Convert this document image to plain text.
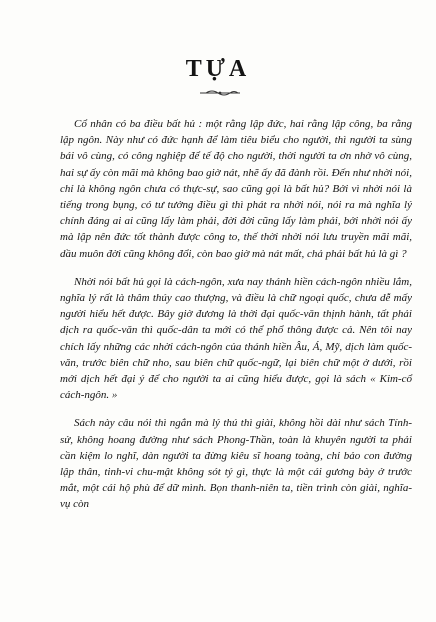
TỰA

Cổ nhân có ba điều bất hủ : một rằng lập đức, hai rằng lập công, ba rằng lập ngôn. Này như có đức hạnh để làm tiêu biểu cho người, thì người ta sùng bái vô cùng, có công nghiệp để tế độ cho người, thời người ta ơn nhờ vô cùng, hai sự ấy còn mãi mà không bao giờ nát, nhẽ ấy đã đành rồi. Đến như nhời nói, chỉ là không ngôn chưa có thực-sự, sao cũng gọi là bất hủ? Bởi vì nhời nói là tiếng trong bụng, có tư tưởng điều gì thì phát ra nhời nói, nói ra mà nghĩa lý chính đáng ai ai cũng lấy làm phải, đời đời cũng lấy làm phải, bởi nhời nói ấy mà lập nên đức tốt thành được công to, thế thời nhời nói lưu truyền mãi mãi, dầu muôn đời cũng không đổi, còn bao giờ mà nát mất, chả phải bất hủ là gì ?

Nhời nói bất hủ gọi là cách-ngôn, xưa nay thánh hiền cách-ngôn nhiều lắm, nghĩa lý rất là thâm thúy cao thượng, và điều là chữ ngoại quốc, chưa dễ mấy người hiểu hết được. Bây giờ đương là thời đại quốc-văn thịnh hành, tất phải dịch ra quốc-văn thì quốc-dân ta mới có thể phổ thông được cả. Nên tôi nay chích lấy những các nhời cách-ngôn của thánh hiền Âu, Á, Mỹ, dịch làm quốc-văn, trước biên chữ nho, sau biên chữ quốc-ngữ, lại biên chữ một ở dưới, rồi mới dịch hết đại ý để cho người ta ai cũng hiểu được, gọi là sách « Kim-cổ cách-ngôn. »

Sách này câu nói thì ngắn mà lý thú thì giài, không hồi dài như sách Tính-sử, không hoang đường như sách Phong-Thần, toàn là khuyên người ta phải cần kiệm lo nghĩ, dàn người ta đừng kiêu sĩ hoang toàng, chỉ bảo con đường lập thân, tinh-vi chu-mật không sót tý gì, thực là một cái gương bày ở trước mắt, một cái hộ phù để dữ mình. Bọn thanh-niên ta, tiền trình còn giài, nghĩa-vụ còn
